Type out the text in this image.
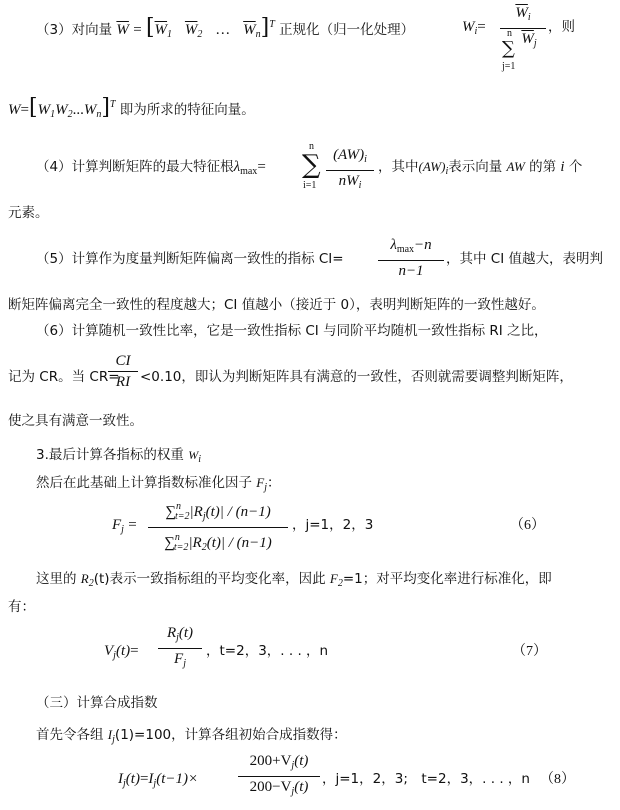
（3）对向量 $\overline{W} = [\overline{W}_1$ $\overline{W}_2$ … $\overline{W}_n]^T$ 正规化（归一化处理）	$W_i= \frac{\overline{W}_i}{\overline{W}_j}$
∑
n
j=1
，则
$W=[W_1W_2...W_n]^T$ 即为所求的特征向量。
（4）计算判断矩阵的最大特征根$\lambda_{max}=$ ∑
n
i=1
$(AW)_i$
$nW_i$
，其中$(AW)_i$表示向量 AW 的第 i 个
元素。
（5）计算作为度量判断矩阵偏离一致性的指标 CI=
$\lambda_{max}-n$
n−1
，其中 CI 值越大，表明判
断矩阵偏离完全一致性的程度越大；CI 值越小（接近于 0），表明判断矩阵的一致性越好。
（6）计算随机一致性比率，它是一致性指标 CI 与同阶平均随机一致性指标 RI 之比，
记为 CR。当 CR=
$\frac{CI}{RI} <0.10$，即认为判断矩阵具有满意的一致性，否则就需要调整判断矩阵，
使之具有满意一致性。
3.最后计算各指标的权重 $W_i$
然后在此基础上计算指数标准化因子 $F_j$：
$F_j = \frac{\sum^n_{t=2}|R_j(t)| / (n-1)}{\sum^n_{t=2}|R_2(t)| / (n-1)}$ ，j=1，2，3	（6）
这里的 $R_2(t)$表示一致指标组的平均变化率，因此 $F_2=1$；对平均变化率进行标准化，即
有：
$V_j(t)= \frac{R_j(t)}{F_j}$ ，t=2，3，. . . ，n	（7）
（三）计算合成指数
首先令各组 $I_j(1)=100$，计算各组初始合成指数得：
$I_j(t)=I_j(t-1)\times$	$\frac{200+V_j(t)}{200-V_j(t)}$ ，j=1，2，3;　t=2，3，. . . ，n （8）
